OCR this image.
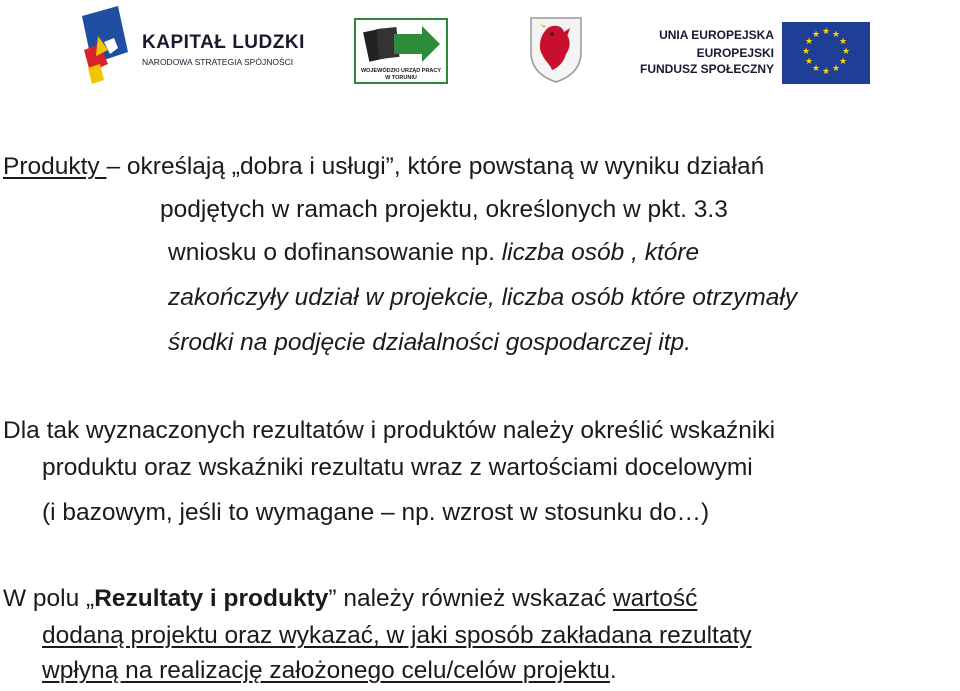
KAPITAŁ LUDZKI
NARODOWA STRATEGIA SPÓJNOŚCI
WOJEWÓDZKI URZĄD PRACY
W TORUNIU
UNIA EUROPEJSKA
EUROPEJSKI
FUNDUSZ SPOŁECZNY
★ ★
★
★
★
★
★
★
★
★
★
★
Produkty – określają „dobra i usługi”, które powstaną w wyniku działań
podjętych w ramach projektu, określonych w pkt. 3.3
wniosku o dofinansowanie np. liczba osób , które
zakończyły udział w projekcie, liczba osób które otrzymały
środki na podjęcie działalności gospodarczej itp.
Dla tak wyznaczonych rezultatów i produktów należy określić wskaźniki
produktu oraz wskaźniki rezultatu wraz z wartościami docelowymi
(i bazowym, jeśli to wymagane – np. wzrost w stosunku do…)
W polu „Rezultaty i produkty” należy również wskazać wartość
dodaną projektu oraz wykazać, w jaki sposób zakładana rezultaty
wpłyną na realizację założonego celu/celów projektu.
